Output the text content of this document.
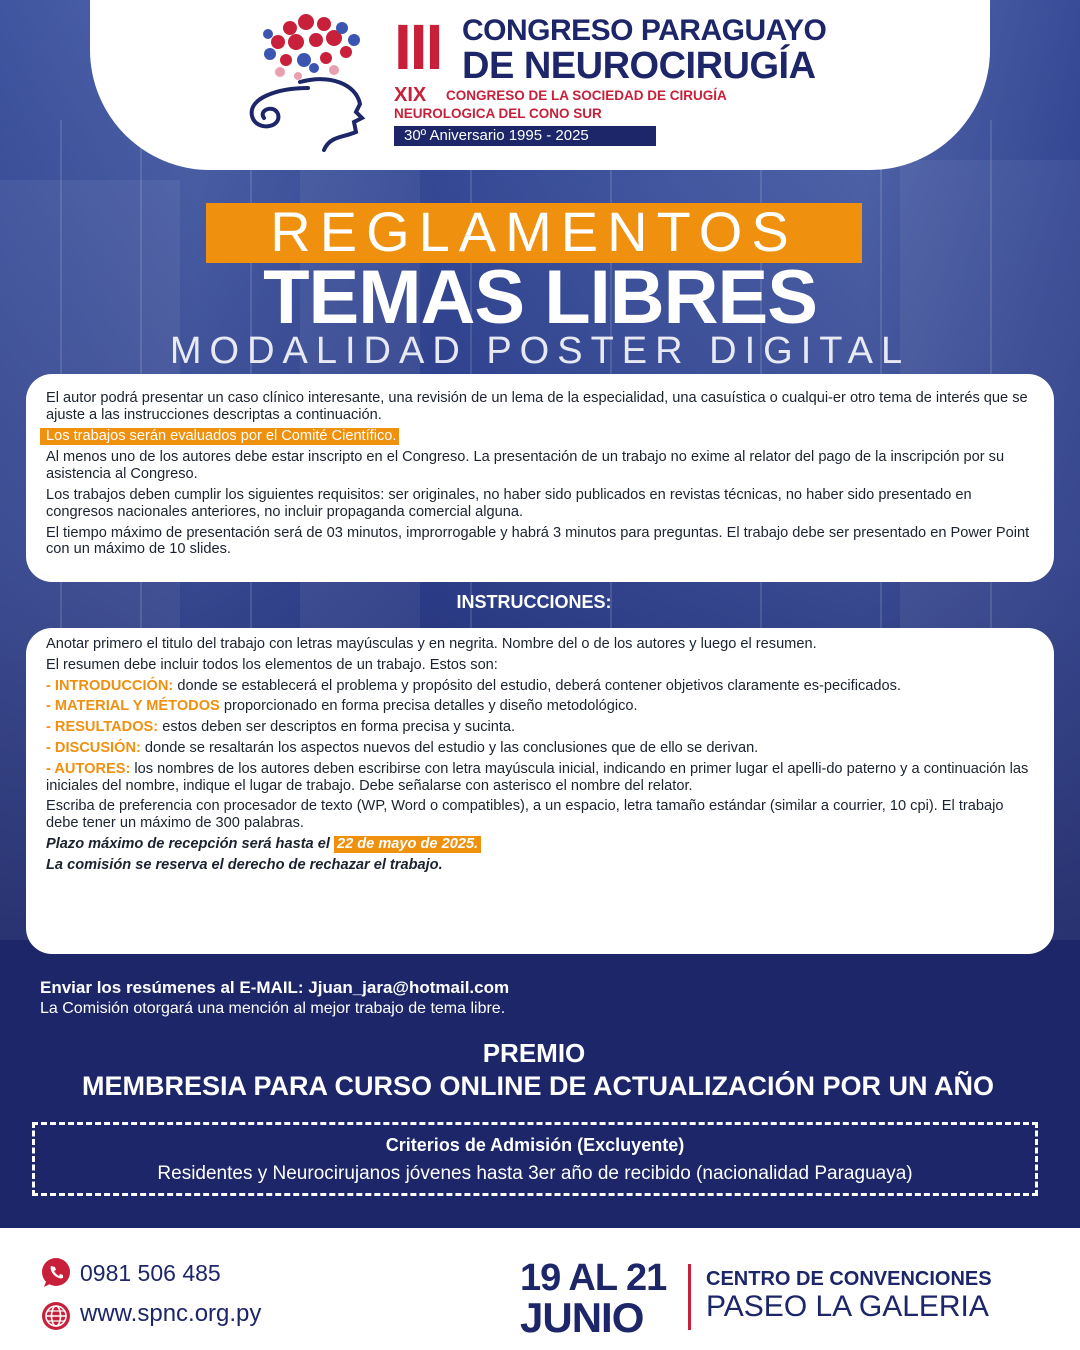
III CONGRESO PARAGUAYO
DE NEUROCIRUGÍA
XIX CONGRESO DE LA SOCIEDAD DE CIRUGÍA
NEUROLOGICA DEL CONO SUR
30º Aniversario 1995 - 2025
REGLAMENTOS
TEMAS LIBRES
MODALIDAD POSTER DIGITAL

El autor podrá presentar un caso clínico interesante, una revisión de un lema de la especialidad, una casuística o cualqui-er otro tema de interés que se ajuste a las instrucciones descriptas a continuación.

Los trabajos serán evaluados por el Comité Científico.

Al menos uno de los autores debe estar inscripto en el Congreso. La presentación de un trabajo no exime al relator del pago de la inscripción por su asistencia al Congreso.

Los trabajos deben cumplir los siguientes requisitos: ser originales, no haber sido publicados en revistas técnicas, no haber sido presentado en congresos nacionales anteriores, no incluir propaganda comercial alguna.

El tiempo máximo de presentación será de 03 minutos, improrrogable y habrá 3 minutos para preguntas. El trabajo debe ser presentado en Power Point con un máximo de 10 slides.

INSTRUCCIONES:

Anotar primero el titulo del trabajo con letras mayúsculas y en negrita. Nombre del o de los autores y luego el resumen.

El resumen debe incluir todos los elementos de un trabajo. Estos son:

- INTRODUCCIÓN: donde se establecerá el problema y propósito del estudio, deberá contener objetivos claramente es-pecificados.

- MATERIAL Y MÉTODOS proporcionado en forma precisa detalles y diseño metodológico.

- RESULTADOS: estos deben ser descriptos en forma precisa y sucinta.

- DISCUSIÓN: donde se resaltarán los aspectos nuevos del estudio y las conclusiones que de ello se derivan.

- AUTORES: los nombres de los autores deben escribirse con letra mayúscula inicial, indicando en primer lugar el apelli-do paterno y a continuación las iniciales del nombre, indique el lugar de trabajo. Debe señalarse con asterisco el nombre del relator.

Escriba de preferencia con procesador de texto (WP, Word o compatibles), a un espacio, letra tamaño estándar (similar a courrier, 10 cpi). El trabajo debe tener un máximo de 300 palabras.

Plazo máximo de recepción será hasta el 22 de mayo de 2025.

La comisión se reserva el derecho de rechazar el trabajo.

Enviar los resúmenes al E-MAIL: Jjuan_jara@hotmail.com
La Comisión otorgará una mención al mejor trabajo de tema libre.
PREMIO
MEMBRESIA PARA CURSO ONLINE DE ACTUALIZACIÓN POR UN AÑO
Criterios de Admisión (Excluyente)
Residentes y Neurocirujanos jóvenes hasta 3er año de recibido (nacionalidad Paraguaya)
0981 506 485
www.spnc.org.py
19 AL 21
JUNIO
CENTRO DE CONVENCIONES
PASEO LA GALERIA
